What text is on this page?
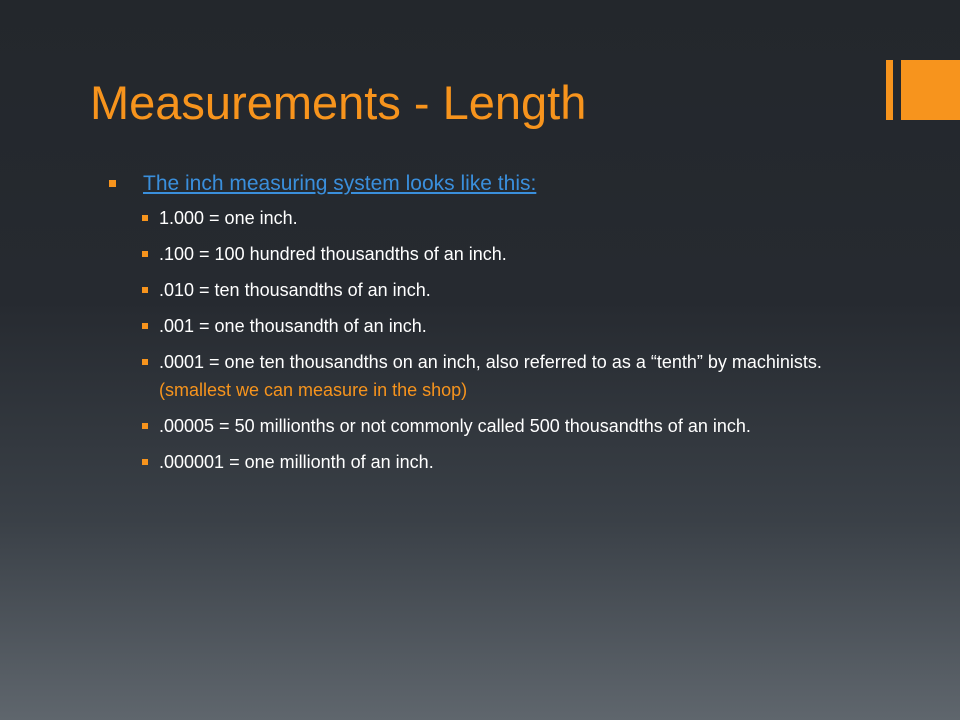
Measurements - Length
The inch measuring system looks like this:
1.000 = one inch.
.100 = 100 hundred thousandths of an inch.
.010 = ten thousandths of an inch.
.001 = one thousandth of an inch.
.0001 = one ten thousandths on an inch, also referred to as a “tenth” by machinists. (smallest we can measure in the shop)
.00005 = 50 millionths or not commonly called 500 thousandths of an inch.
.000001 = one millionth of an inch.
